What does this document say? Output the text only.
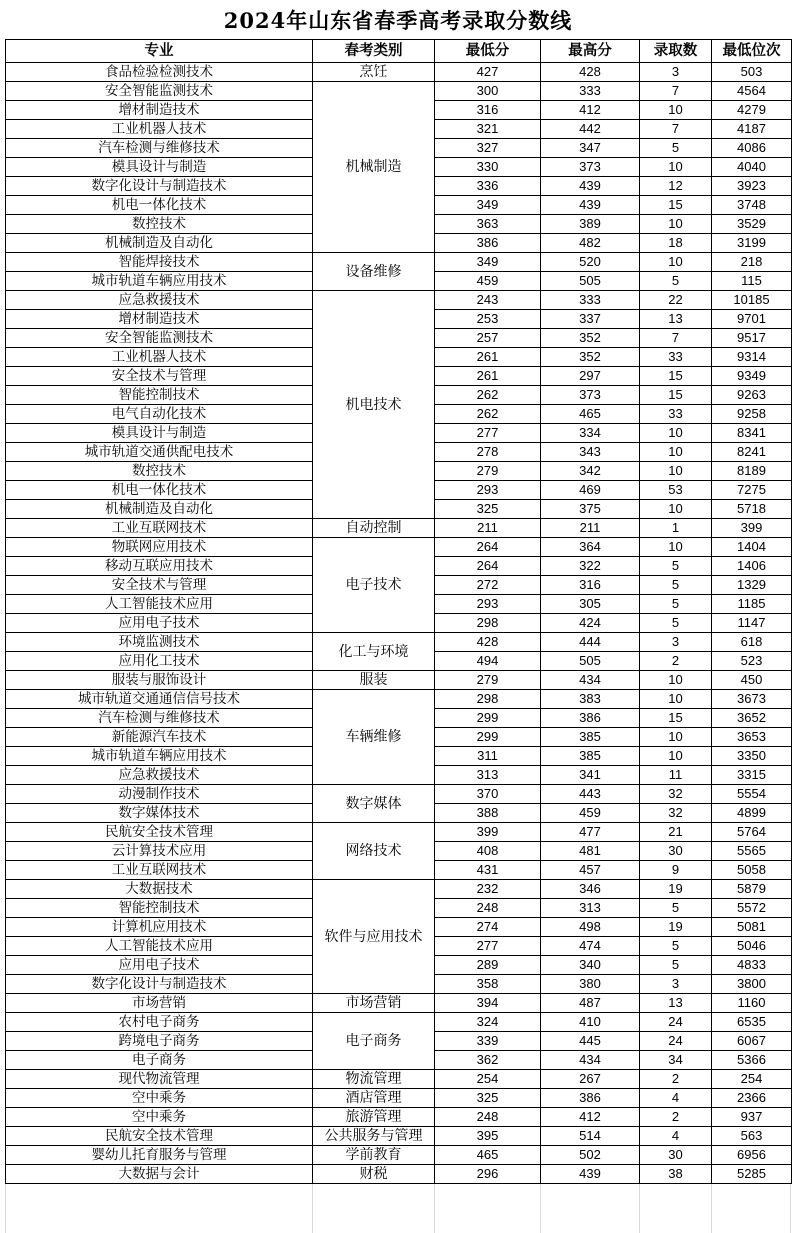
2024年山东省春季高考录取分数线
专业	春考类别	最低分	最高分	录取数	最低位次
食品检验检测技术	烹饪	427	428	3	503
安全智能监测技术	机械制造	300	333	7	4564
增材制造技术		316	412	10	4279
工业机器人技术		321	442	7	4187
汽车检测与维修技术		327	347	5	4086
模具设计与制造		330	373	10	4040
数字化设计与制造技术		336	439	12	3923
机电一体化技术		349	439	15	3748
数控技术		363	389	10	3529
机械制造及自动化		386	482	18	3199
智能焊接技术	设备维修	349	520	10	218
城市轨道车辆应用技术		459	505	5	115
应急救援技术	机电技术	243	333	22	10185
增材制造技术		253	337	13	9701
安全智能监测技术		257	352	7	9517
工业机器人技术		261	352	33	9314
安全技术与管理		261	297	15	9349
智能控制技术		262	373	15	9263
电气自动化技术		262	465	33	9258
模具设计与制造		277	334	10	8341
城市轨道交通供配电技术		278	343	10	8241
数控技术		279	342	10	8189
机电一体化技术		293	469	53	7275
机械制造及自动化		325	375	10	5718
工业互联网技术	自动控制	211	211	1	399
物联网应用技术	电子技术	264	364	10	1404
移动互联应用技术		264	322	5	1406
安全技术与管理		272	316	5	1329
人工智能技术应用		293	305	5	1185
应用电子技术		298	424	5	1147
环境监测技术	化工与环境	428	444	3	618
应用化工技术		494	505	2	523
服装与服饰设计	服装	279	434	10	450
城市轨道交通通信信号技术	车辆维修	298	383	10	3673
汽车检测与维修技术		299	386	15	3652
新能源汽车技术		299	385	10	3653
城市轨道车辆应用技术		311	385	10	3350
应急救援技术		313	341	11	3315
动漫制作技术	数字媒体	370	443	32	5554
数字媒体技术		388	459	32	4899
民航安全技术管理	网络技术	399	477	21	5764
云计算技术应用		408	481	30	5565
工业互联网技术		431	457	9	5058
大数据技术	软件与应用技术	232	346	19	5879
智能控制技术		248	313	5	5572
计算机应用技术		274	498	19	5081
人工智能技术应用		277	474	5	5046
应用电子技术		289	340	5	4833
数字化设计与制造技术		358	380	3	3800
市场营销	市场营销	394	487	13	1160
农村电子商务	电子商务	324	410	24	6535
跨境电子商务		339	445	24	6067
电子商务		362	434	34	5366
现代物流管理	物流管理	254	267	2	254
空中乘务	酒店管理	325	386	4	2366
空中乘务	旅游管理	248	412	2	937
民航安全技术管理	公共服务与管理	395	514	4	563
婴幼儿托育服务与管理	学前教育	465	502	30	6956
大数据与会计	财税	296	439	38	5285
